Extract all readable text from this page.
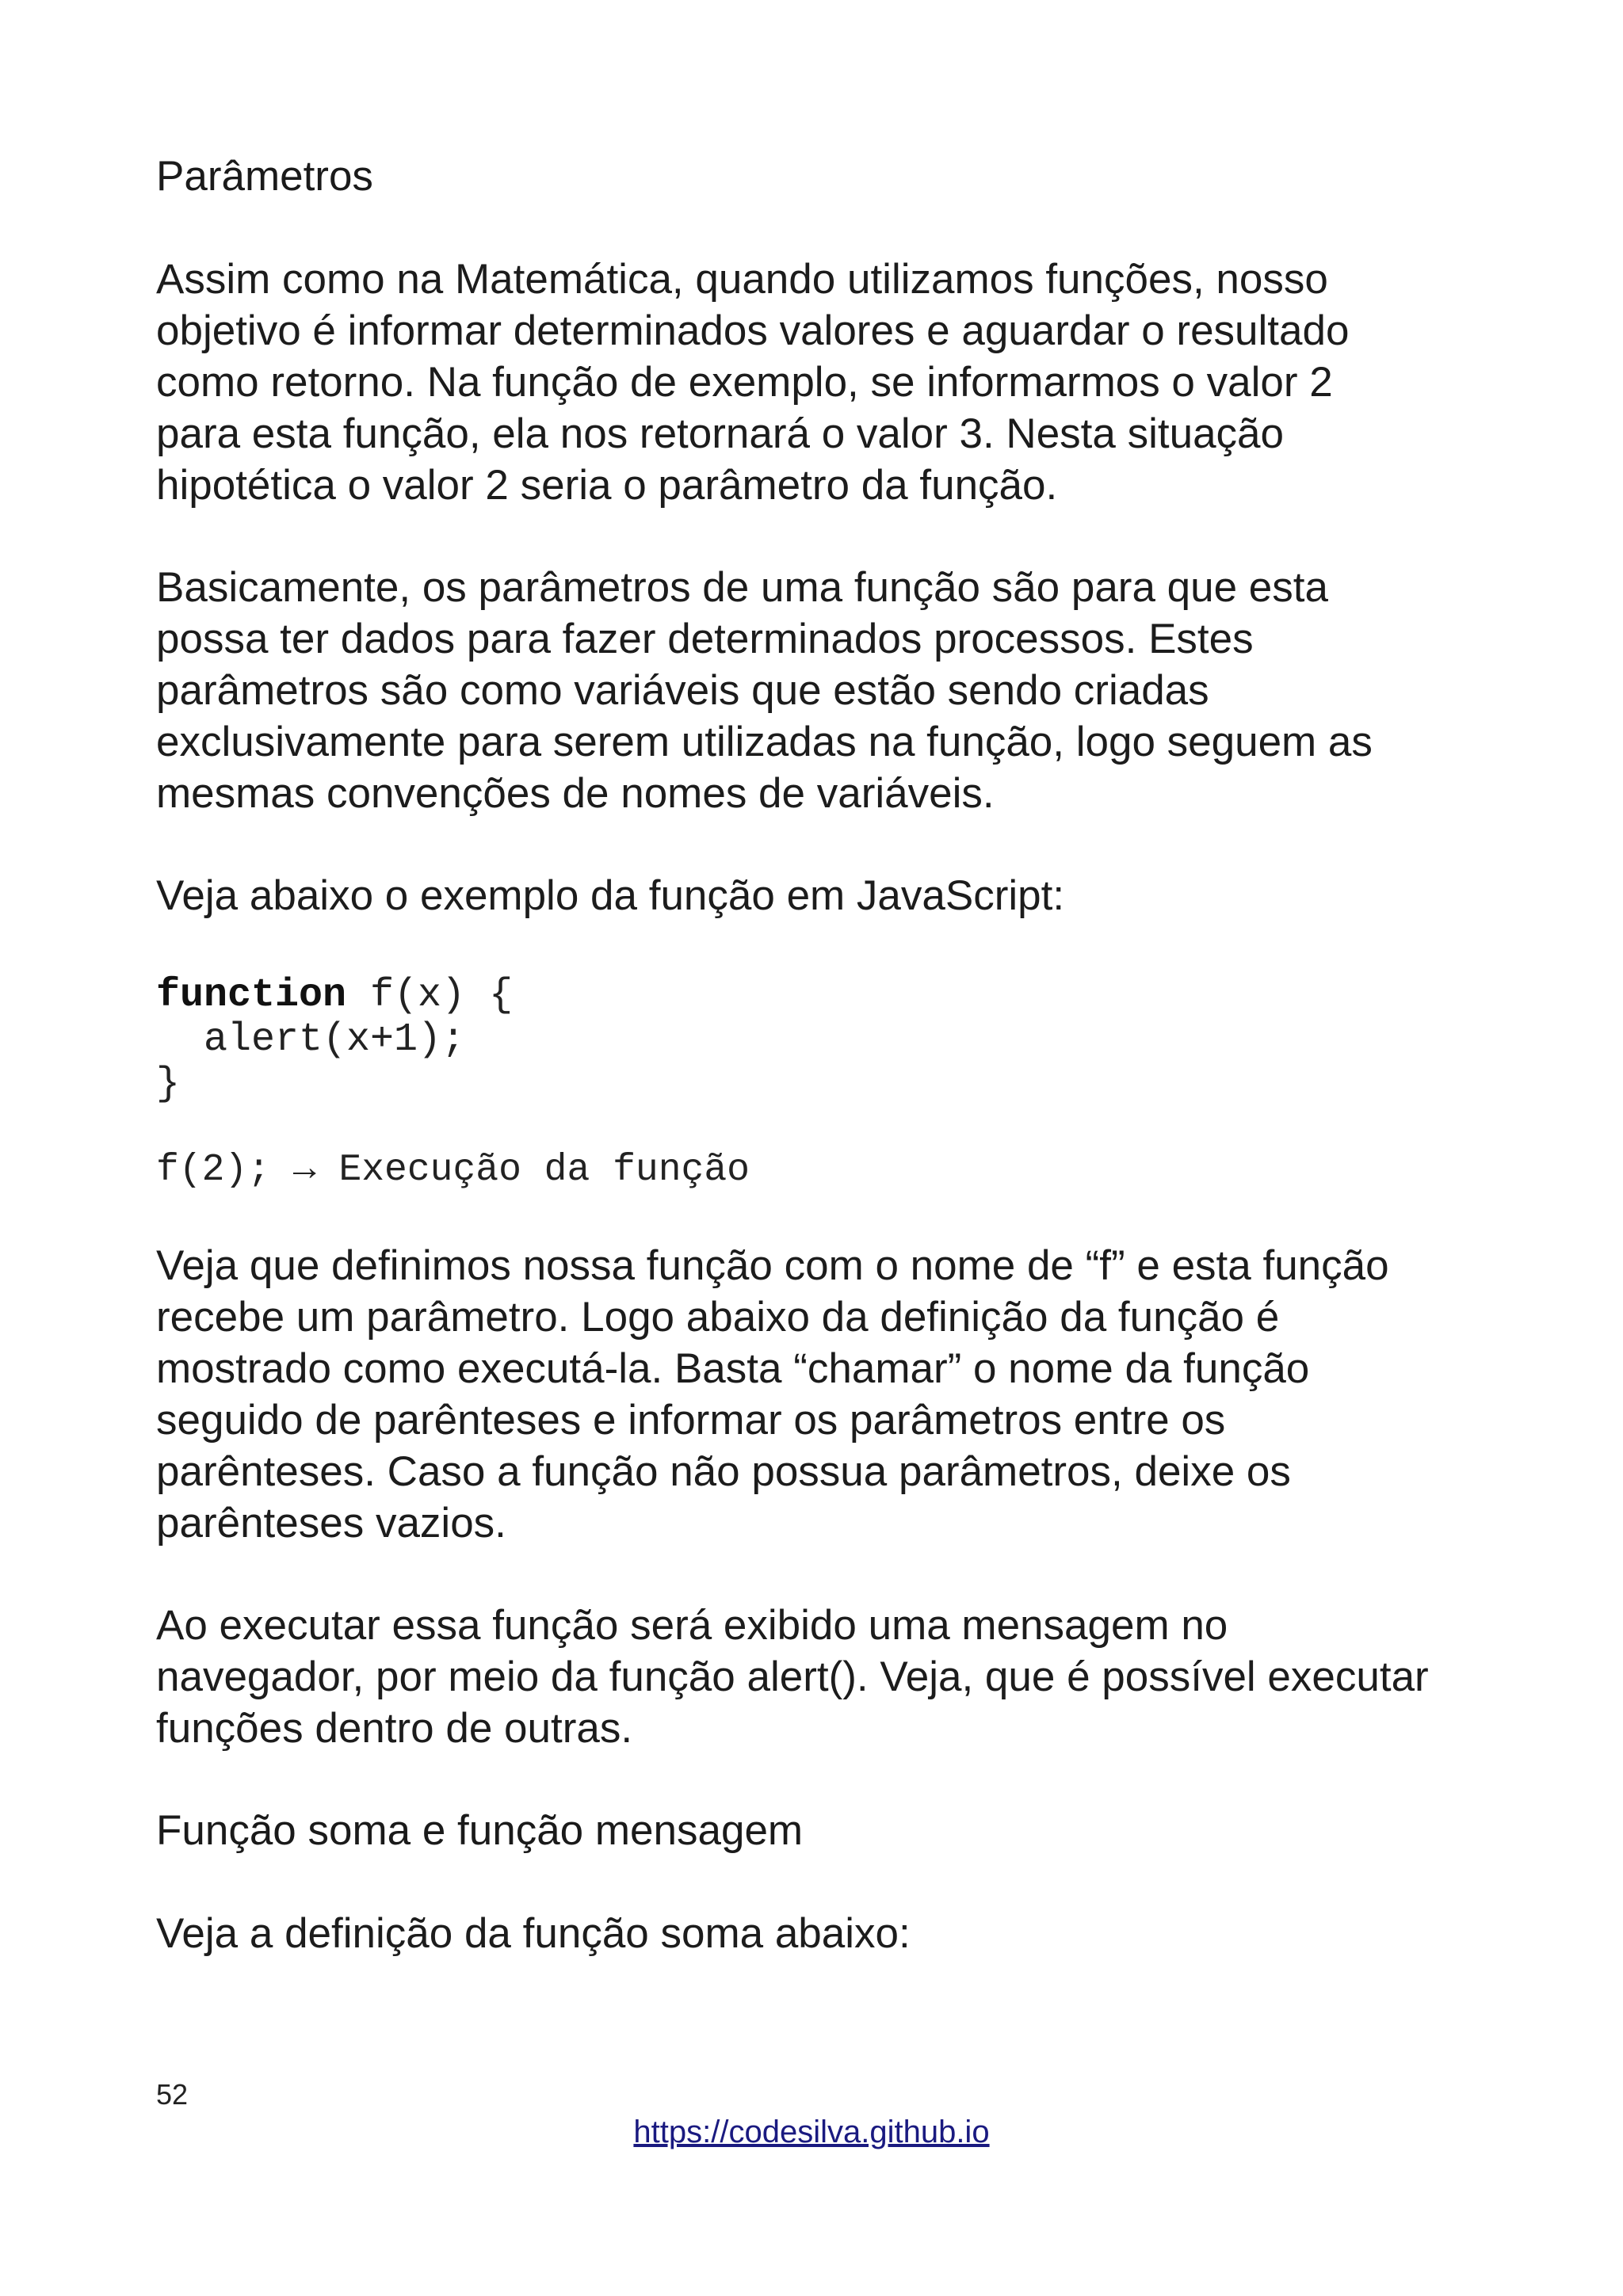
Parâmetros
Assim como na Matemática, quando utilizamos funções, nosso
objetivo é informar determinados valores e aguardar o resultado
como retorno. Na função de exemplo, se informarmos o valor 2
para esta função, ela nos retornará o valor 3. Nesta situação
hipotética o valor 2 seria o parâmetro da função.
Basicamente, os parâmetros de uma função são para que esta
possa ter dados para fazer determinados processos. Estes
parâmetros são como variáveis que estão sendo criadas
exclusivamente para serem utilizadas na função, logo seguem as
mesmas convenções de nomes de variáveis.
Veja abaixo o exemplo da função em JavaScript:
function f(x) {
alert(x+1);
}
f(2); → Execução da função
Veja que definimos nossa função com o nome de “f” e esta função
recebe um parâmetro. Logo abaixo da definição da função é
mostrado como executá-la. Basta “chamar” o nome da função
seguido de parênteses e informar os parâmetros entre os
parênteses. Caso a função não possua parâmetros, deixe os
parênteses vazios.
Ao executar essa função será exibido uma mensagem no
navegador, por meio da função alert(). Veja, que é possível executar
funções dentro de outras.
Função soma e função mensagem
Veja a definição da função soma abaixo:
52
https://codesilva.github.io
